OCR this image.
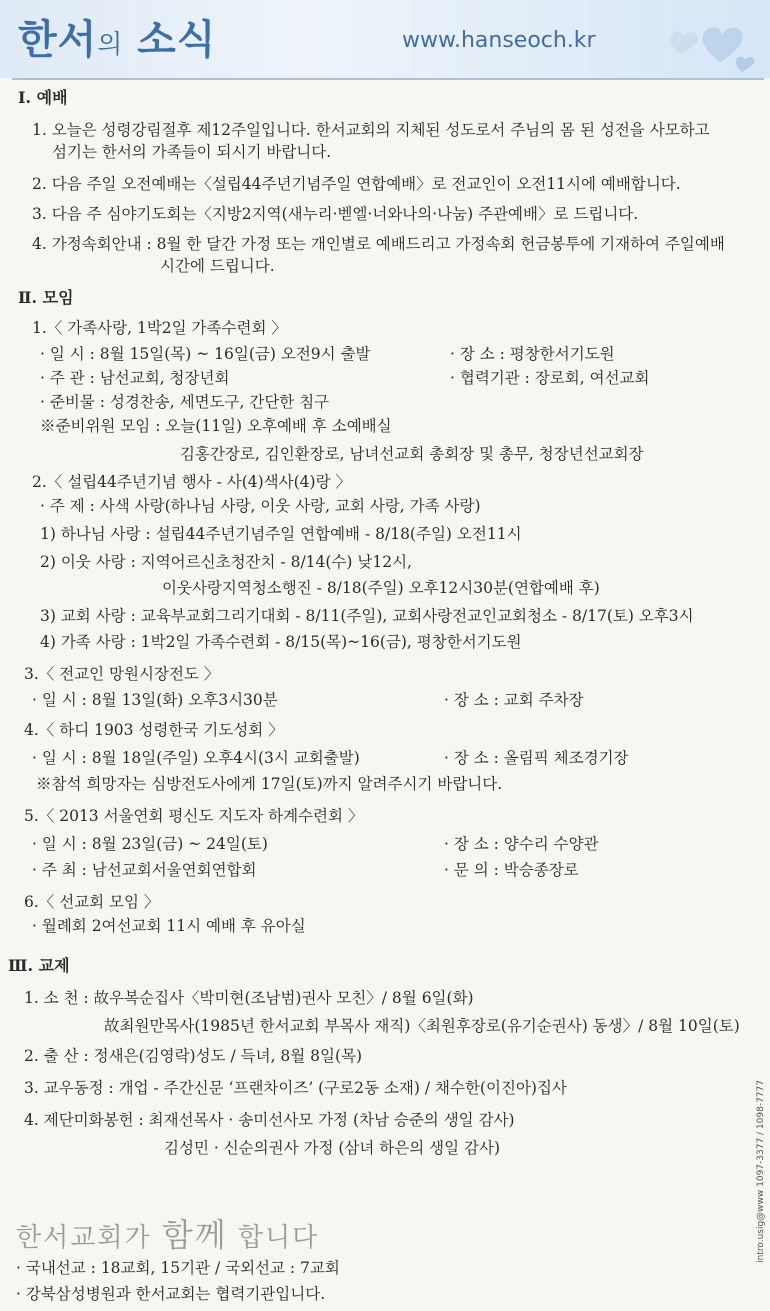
한서의 소식	www.hanseoch.kr
Ⅰ. 예배
1. 오늘은 성령강림절후 제12주일입니다. 한서교회의 지체된 성도로서 주님의 몸 된 성전을 사모하고
섬기는 한서의 가족들이 되시기 바랍니다.
2. 다음 주일 오전예배는〈설립44주년기념주일 연합예배〉로 전교인이 오전11시에 예배합니다.
3. 다음 주 심야기도회는〈지방2지역(새누리·벧엘·너와나의·나눔) 주관예배〉로 드립니다.
4. 가정속회안내 : 8월 한 달간 가정 또는 개인별로 예배드리고 가정속회 헌금봉투에 기재하여 주일예배
시간에 드립니다.
Ⅱ. 모임
1.〈 가족사랑, 1박2일 가족수련회 〉
· 일 시 : 8월 15일(목) ~ 16일(금) 오전9시 출발	· 장 소 : 평창한서기도원
· 주 관 : 남선교회, 청장년회	· 협력기관 : 장로회, 여선교회
· 준비물 : 성경찬송, 세면도구, 간단한 침구
※준비위원 모임 : 오늘(11일) 오후예배 후 소예배실
김홍간장로, 김인환장로, 남녀선교회 총회장 및 총무, 청장년선교회장
2.〈 설립44주년기념 행사 - 사(4)색사(4)랑 〉
· 주 제 : 사색 사랑(하나님 사랑, 이웃 사랑, 교회 사랑, 가족 사랑)
1) 하나님 사랑 : 설립44주년기념주일 연합예배 - 8/18(주일) 오전11시
2) 이웃 사랑 : 지역어르신초청잔치 - 8/14(수) 낮12시,
이웃사랑지역청소행진 - 8/18(주일) 오후12시30분(연합예배 후)
3) 교회 사랑 : 교육부교회그리기대회 - 8/11(주일), 교회사랑전교인교회청소 - 8/17(토) 오후3시
4) 가족 사랑 : 1박2일 가족수련회 - 8/15(목)~16(금), 평창한서기도원
3.〈 전교인 망원시장전도 〉
· 일 시 : 8월 13일(화) 오후3시30분	· 장 소 : 교회 주차장
4.〈 하디 1903 성령한국 기도성회 〉
· 일 시 : 8월 18일(주일) 오후4시(3시 교회출발)	· 장 소 : 올림픽 체조경기장
※참석 희망자는 심방전도사에게 17일(토)까지 알려주시기 바랍니다.
5.〈 2013 서울연회 평신도 지도자 하계수련회 〉
· 일 시 : 8월 23일(금) ~ 24일(토)	· 장 소 : 양수리 수양관
· 주 최 : 남선교회서울연회연합회	· 문 의 : 박승종장로
6.〈 선교회 모임 〉
· 월례회 2여선교회 11시 예배 후 유아실
Ⅲ. 교제
1. 소 천 : 故우복순집사〈박미현(조남범)권사 모친〉/ 8월 6일(화)
故최원만목사(1985년 한서교회 부목사 재직)〈최원후장로(유기순권사) 동생〉/ 8월 10일(토)
2. 출 산 : 정새은(김영락)성도 / 득녀, 8월 8일(목)
3. 교우동정 : 개업 - 주간신문 ‘프랜차이즈’ (구로2동 소재) / 채수한(이진아)집사
4. 제단미화봉헌 : 최재선목사 · 송미선사모 가정 (차남 승준의 생일 감사)
김성민 · 신순의권사 가정 (삼녀 하은의 생일 감사)
· 국내선교 : 18교회, 15기관 / 국외선교 : 7교회
· 강북삼성병원과 한서교회는 협력기관입니다.
한서교회가 함께 합니다	intro.usig@www 1097-3377 / 1098-7777
